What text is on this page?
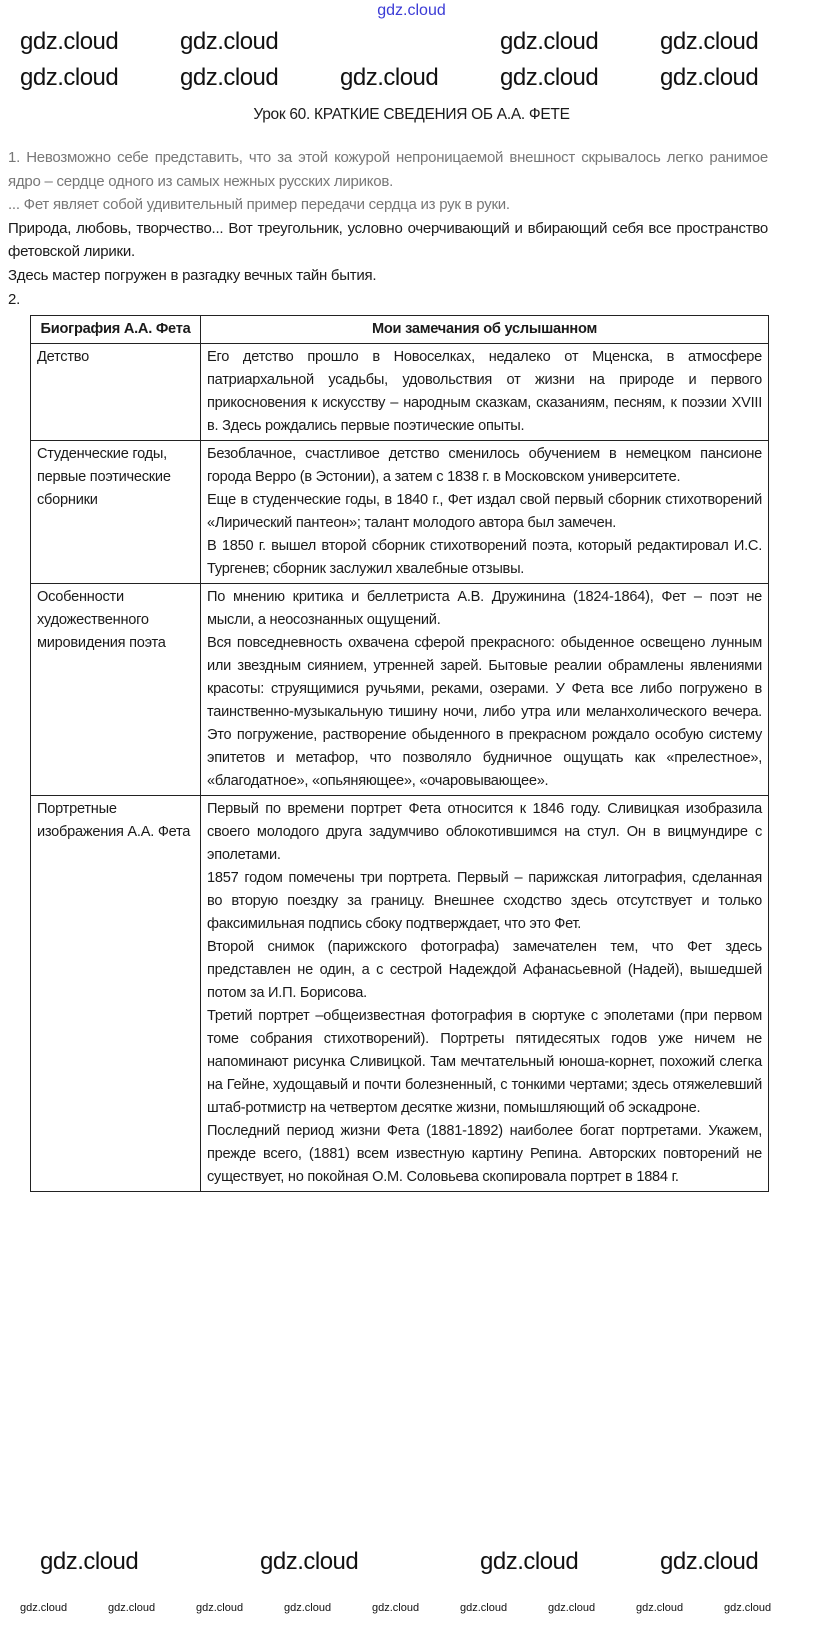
gdz.cloud
Урок 60. КРАТКИЕ СВЕДЕНИЯ ОБ А.А. ФЕТЕ

1. Невозможно себе представить, что за этой кожурой непроницаемой внешност скрывалось легко ранимое ядро – сердце одного из самых нежных русских лириков.

... Фет являет собой удивительный пример передачи сердца из рук в руки.

Природа, любовь, творчество... Вот треугольник, условно очерчивающий и вбирающий себя все пространство фетовской лирики.

Здесь мастер погружен в разгадку вечных тайн бытия.

2.

Биография А.А. Фета	Мои замечания об услышанном
Детство	Его детство прошло в Новоселках, недалеко от Мценска, в атмосфере патриархальной усадьбы, удовольствия от жизни на природе и первого прикосновения к искусству – народным сказкам, сказаниям, песням, к поэзии XVIII в. Здесь рождались первые поэтические опыты.

Студенческие годы, первые поэтические сборники	Безоблачное, счастливое детство сменилось обучением в немецком пансионе города Верро (в Эстонии), а затем с 1838 г. в Московском университете.

Еще в студенческие годы, в 1840 г., Фет издал свой первый сборник стихотворений «Лирический пантеон»; талант молодого автора был замечен.

В 1850 г. вышел второй сборник стихотворений поэта, который редактировал И.С. Тургенев; сборник заслужил хвалебные отзывы.

Особенности художественного мировидения поэта	По мнению критика и беллетриста А.В. Дружинина (1824-1864), Фет – поэт не мысли, а неосознанных ощущений.

Вся повседневность охвачена сферой прекрасного: обыденное освещено лунным или звездным сиянием, утренней зарей. Бытовые реалии обрамлены явлениями красоты: струящимися ручьями, реками, озерами. У Фета все либо погружено в таинственно-музыкальную тишину ночи, либо утра или меланхолического вечера. Это погружение, растворение обыденного в прекрасном рождало особую систему эпитетов и метафор, что позволяло будничное ощущать как «прелестное», «благодатное», «опьяняющее», «очаровывающее».

Портретные изображения А.А. Фета	Первый по времени портрет Фета относится к 1846 году. Сливицкая изобразила своего молодого друга задумчиво облокотившимся на стул. Он в вицмундире с эполетами.

1857 годом помечены три портрета. Первый – парижская литография, сделанная во вторую поездку за границу. Внешнее сходство здесь отсутствует и только факсимильная подпись сбоку подтверждает, что это Фет.

Второй снимок (парижского фотографа) замечателен тем, что Фет здесь представлен не один, а с сестрой Надеждой Афанасьевной (Надей), вышедшей потом за И.П. Борисова.

Третий портрет –общеизвестная фотография в сюртуке с эполетами (при первом томе собрания стихотворений). Портреты пятидесятых годов уже ничем не напоминают рисунка Сливицкой. Там мечтательный юноша-корнет, похожий слегка на Гейне, худощавый и почти болезненный, с тонкими чертами; здесь отяжелевший штаб-ротмистр на четвертом десятке жизни, помышляющий об эскадроне.

Последний период жизни Фета (1881-1892) наиболее богат портретами. Укажем, прежде всего, (1881) всем известную картину Репина. Авторских повторений не существует, но покойная О.М. Соловьева скопировала портрет в 1884 г.

gdz.cloud	gdz.cloud	gdz.cloud	gdz.cloud
gdz.cloud	gdz.cloud	gdz.cloud	gdz.cloud	gdz.cloud
gdz.cloud	gdz.cloud	gdz.cloud	gdz.cloud
gdz.cloud	gdz.cloud	gdz.cloud	gdz.cloud	gdz.cloud	gdz.cloud	gdz.cloud	gdz.cloud	gdz.cloud
